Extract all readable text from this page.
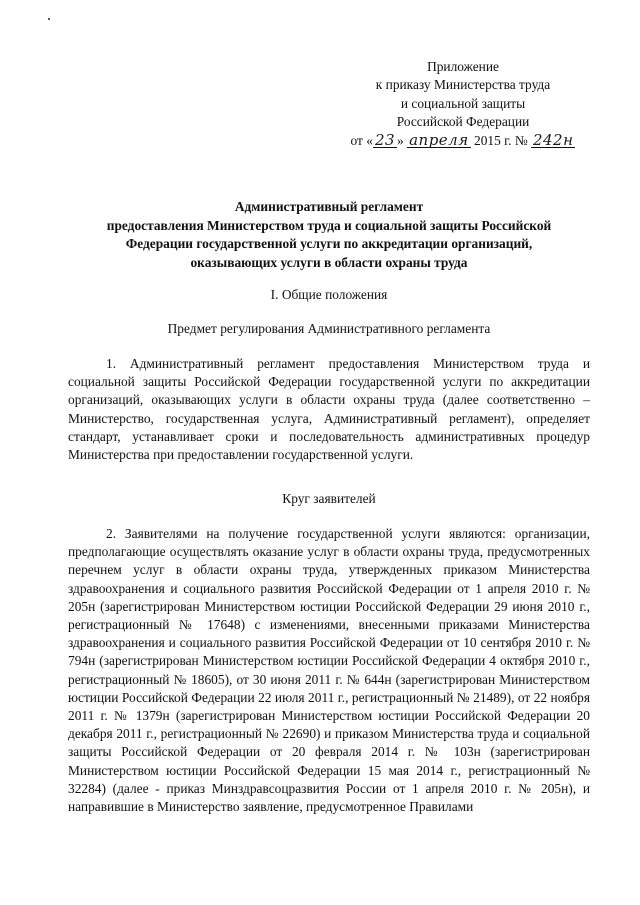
Приложение
к приказу Министерства труда
и социальной защиты
Российской Федерации
от « 23 » апреля 2015 г. № 242н
Административный регламент
предоставления Министерством труда и социальной защиты Российской
Федерации государственной услуги по аккредитации организаций,
оказывающих услуги в области охраны труда
I. Общие положения
Предмет регулирования Административного регламента

1. Административный регламент предоставления Министерством труда и социальной защиты Российской Федерации государственной услуги по аккредитации организаций, оказывающих услуги в области охраны труда (далее соответственно – Министерство, государственная услуга, Административный регламент), определяет стандарт, устанавливает сроки и последовательность административных процедур Министерства при предоставлении государственной услуги.

Круг заявителей

2. Заявителями на получение государственной услуги являются: организации, предполагающие осуществлять оказание услуг в области охраны труда, предусмотренных перечнем услуг в области охраны труда, утвержденных приказом Министерства здравоохранения и социального развития Российской Федерации от 1 апреля 2010 г. № 205н (зарегистрирован Министерством юстиции Российской Федерации 29 июня 2010 г., регистрационный № 17648) с изменениями, внесенными приказами Министерства здравоохранения и социального развития Российской Федерации от 10 сентября 2010 г. № 794н (зарегистрирован Министерством юстиции Российской Федерации 4 октября 2010 г., регистрационный № 18605), от 30 июня 2011 г. № 644н (зарегистрирован Министерством юстиции Российской Федерации 22 июля 2011 г., регистрационный № 21489), от 22 ноября 2011 г. № 1379н (зарегистрирован Министерством юстиции Российской Федерации 20 декабря 2011 г., регистрационный № 22690) и приказом Министерства труда и социальной защиты Российской Федерации от 20 февраля 2014 г. № 103н (зарегистрирован Министерством юстиции Российской Федерации 15 мая 2014 г., регистрационный № 32284) (далее - приказ Минздравсоцразвития России от 1 апреля 2010 г. № 205н), и направившие в Министерство заявление, предусмотренное Правилами
